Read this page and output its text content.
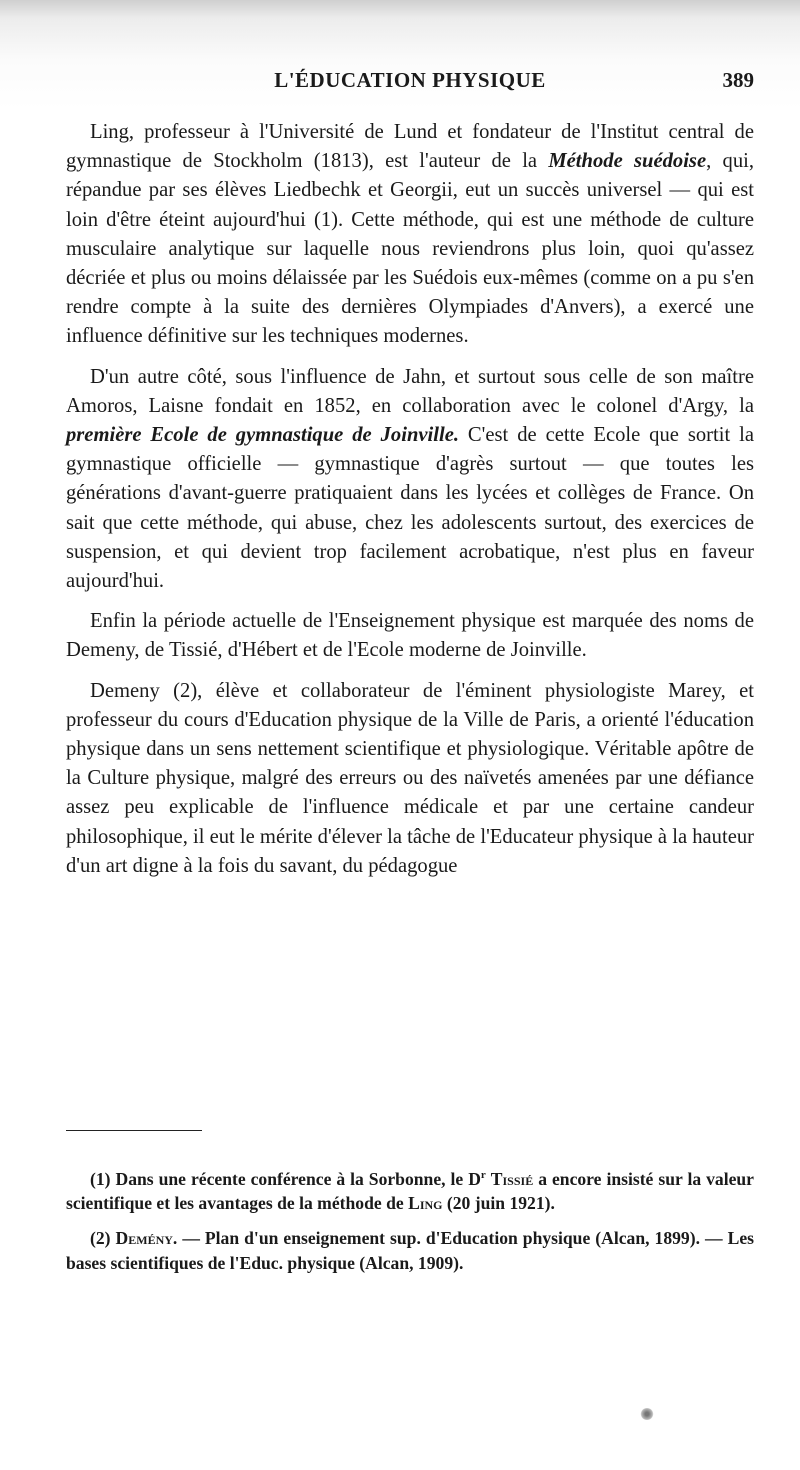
L'ÉDUCATION PHYSIQUE	389

Ling, professeur à l'Université de Lund et fondateur de l'Institut central de gymnastique de Stockholm (1813), est l'auteur de la Méthode suédoise, qui, répandue par ses élèves Liedbechk et Georgii, eut un succès universel — qui est loin d'être éteint aujourd'hui (1). Cette méthode, qui est une méthode de culture musculaire analytique sur laquelle nous reviendrons plus loin, quoi qu'assez décriée et plus ou moins délaissée par les Suédois eux-mêmes (comme on a pu s'en rendre compte à la suite des dernières Olympiades d'Anvers), a exercé une influence définitive sur les techniques modernes.

D'un autre côté, sous l'influence de Jahn, et surtout sous celle de son maître Amoros, Laisne fondait en 1852, en collaboration avec le colonel d'Argy, la première Ecole de gymnastique de Joinville. C'est de cette Ecole que sortit la gymnastique officielle — gymnastique d'agrès surtout — que toutes les générations d'avant-guerre pratiquaient dans les lycées et collèges de France. On sait que cette méthode, qui abuse, chez les adolescents surtout, des exercices de suspension, et qui devient trop facilement acrobatique, n'est plus en faveur aujourd'hui.

Enfin la période actuelle de l'Enseignement physique est marquée des noms de Demeny, de Tissié, d'Hébert et de l'Ecole moderne de Joinville.

Demeny (2), élève et collaborateur de l'éminent physiologiste Marey, et professeur du cours d'Education physique de la Ville de Paris, a orienté l'éducation physique dans un sens nettement scientifique et physiologique. Véritable apôtre de la Culture physique, malgré des erreurs ou des naïvetés amenées par une défiance assez peu explicable de l'influence médicale et par une certaine candeur philosophique, il eut le mérite d'élever la tâche de l'Educateur physique à la hauteur d'un art digne à la fois du savant, du pédagogue

(1) Dans une récente conférence à la Sorbonne, le $D^r$ Tissié a encore insisté sur la valeur scientifique et les avantages de la méthode de Ling (20 juin 1921).

(2) Demény. — Plan d'un enseignement sup. d'Education physique (Alcan, 1899). — Les bases scientifiques de l'Educ. physique (Alcan, 1909).
